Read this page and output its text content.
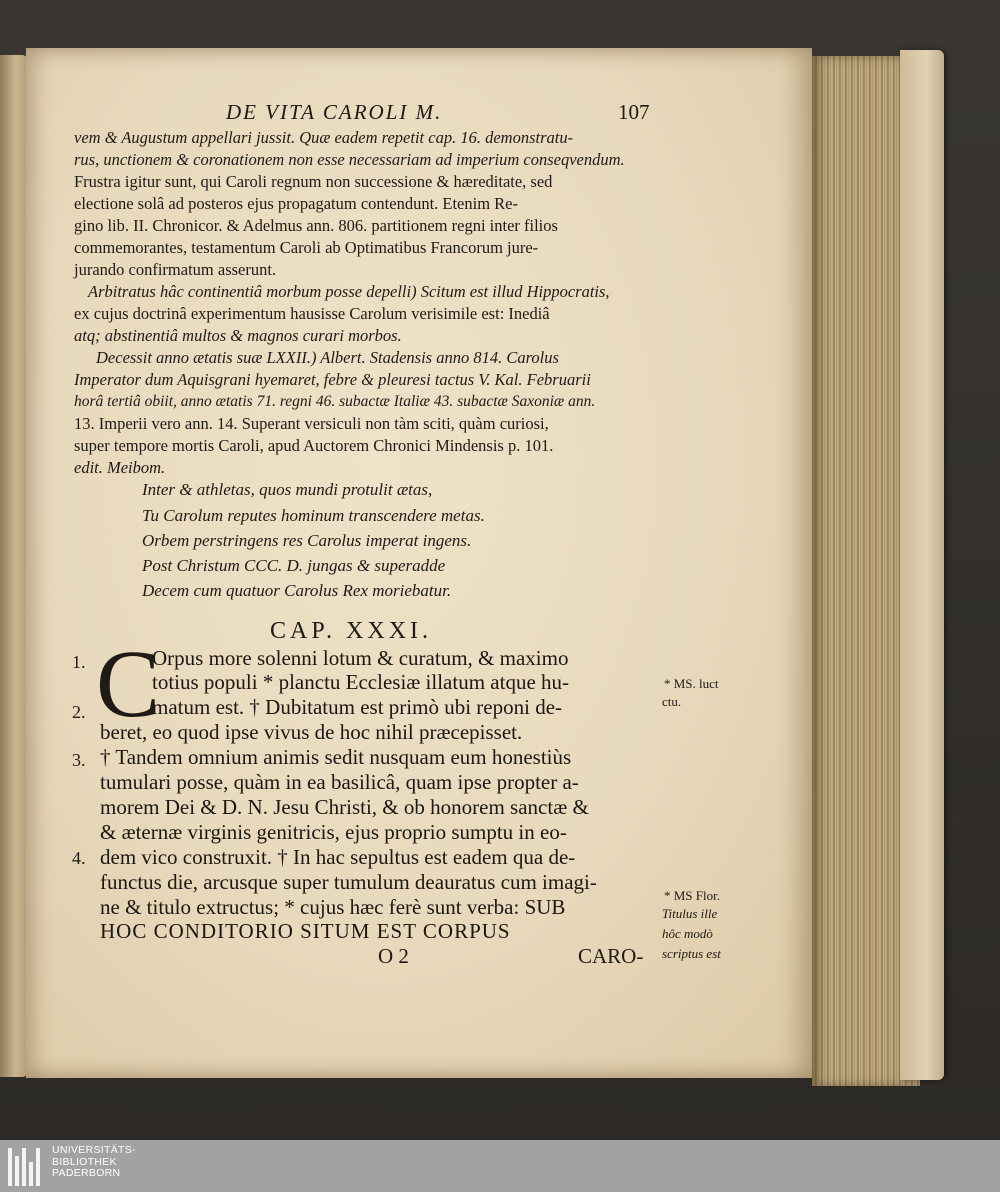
DE VITA CAROLI M.	107
vem & Augustum appellari jussit. Quæ eadem repetit cap. 16. demonstratu-
rus, unctionem & coronationem non esse necessariam ad imperium conseqvendum.
Frustra igitur sunt, qui Caroli regnum non successione & hæreditate, sed
electione solâ ad posteros ejus propagatum contendunt. Etenim Re-
gino lib. II. Chronicor. & Adelmus ann. 806. partitionem regni inter filios
commemorantes, testamentum Caroli ab Optimatibus Francorum jure-
jurando confirmatum asserunt.
Arbitratus hâc continentiâ morbum posse depelli) Scitum est illud Hippocratis,
ex cujus doctrinâ experimentum hausisse Carolum verisimile est: Inediâ
atq; abstinentiâ multos & magnos curari morbos.
Decessit anno ætatis suæ LXXII.) Albert. Stadensis anno 814. Carolus
Imperator dum Aquisgrani hyemaret, febre & pleuresi tactus V. Kal. Februarii
horâ tertiâ obiit, anno ætatis 71. regni 46. subactæ Italiæ 43. subactæ Saxoniæ ann.
13. Imperii vero ann. 14. Superant versiculi non tàm sciti, quàm curiosi,
super tempore mortis Caroli, apud Auctorem Chronici Mindensis p. 101.
edit. Meibom.
Inter & athletas, quos mundi protulit ætas,
Tu Carolum reputes hominum transcendere metas.
Orbem perstringens res Carolus imperat ingens.
Post Christum CCC. D. jungas & superadde
Decem cum quatuor Carolus Rex moriebatur.
CAP. XXXI.
C
1.
2.
3.
4.
Orpus more solenni lotum & curatum, & maximo
totius populi * planctu Ecclesiæ illatum atque hu-
matum est. † Dubitatum est primò ubi reponi de-
beret, eo quod ipse vivus de hoc nihil præcepisset.
† Tandem omnium animis sedit nusquam eum honestiùs
tumulari posse, quàm in ea basilicâ, quam ipse propter a-
morem Dei & D. N. Jesu Christi, & ob honorem sanctæ &
& æternæ virginis genitricis, ejus proprio sumptu in eo-
dem vico construxit. † In hac sepultus est eadem qua de-
functus die, arcusque super tumulum deauratus cum imagi-
ne & titulo extructus; * cujus hæc ferè sunt verba: SUB
HOC CONDITORIO SITUM EST CORPUS
O 2	CARO-
* MS. luct
ctu.
* MS Flor.
Titulus ille
hôc modò
scriptus est
UNIVERSITÄTS-
BIBLIOTHEK
PADERBORN
